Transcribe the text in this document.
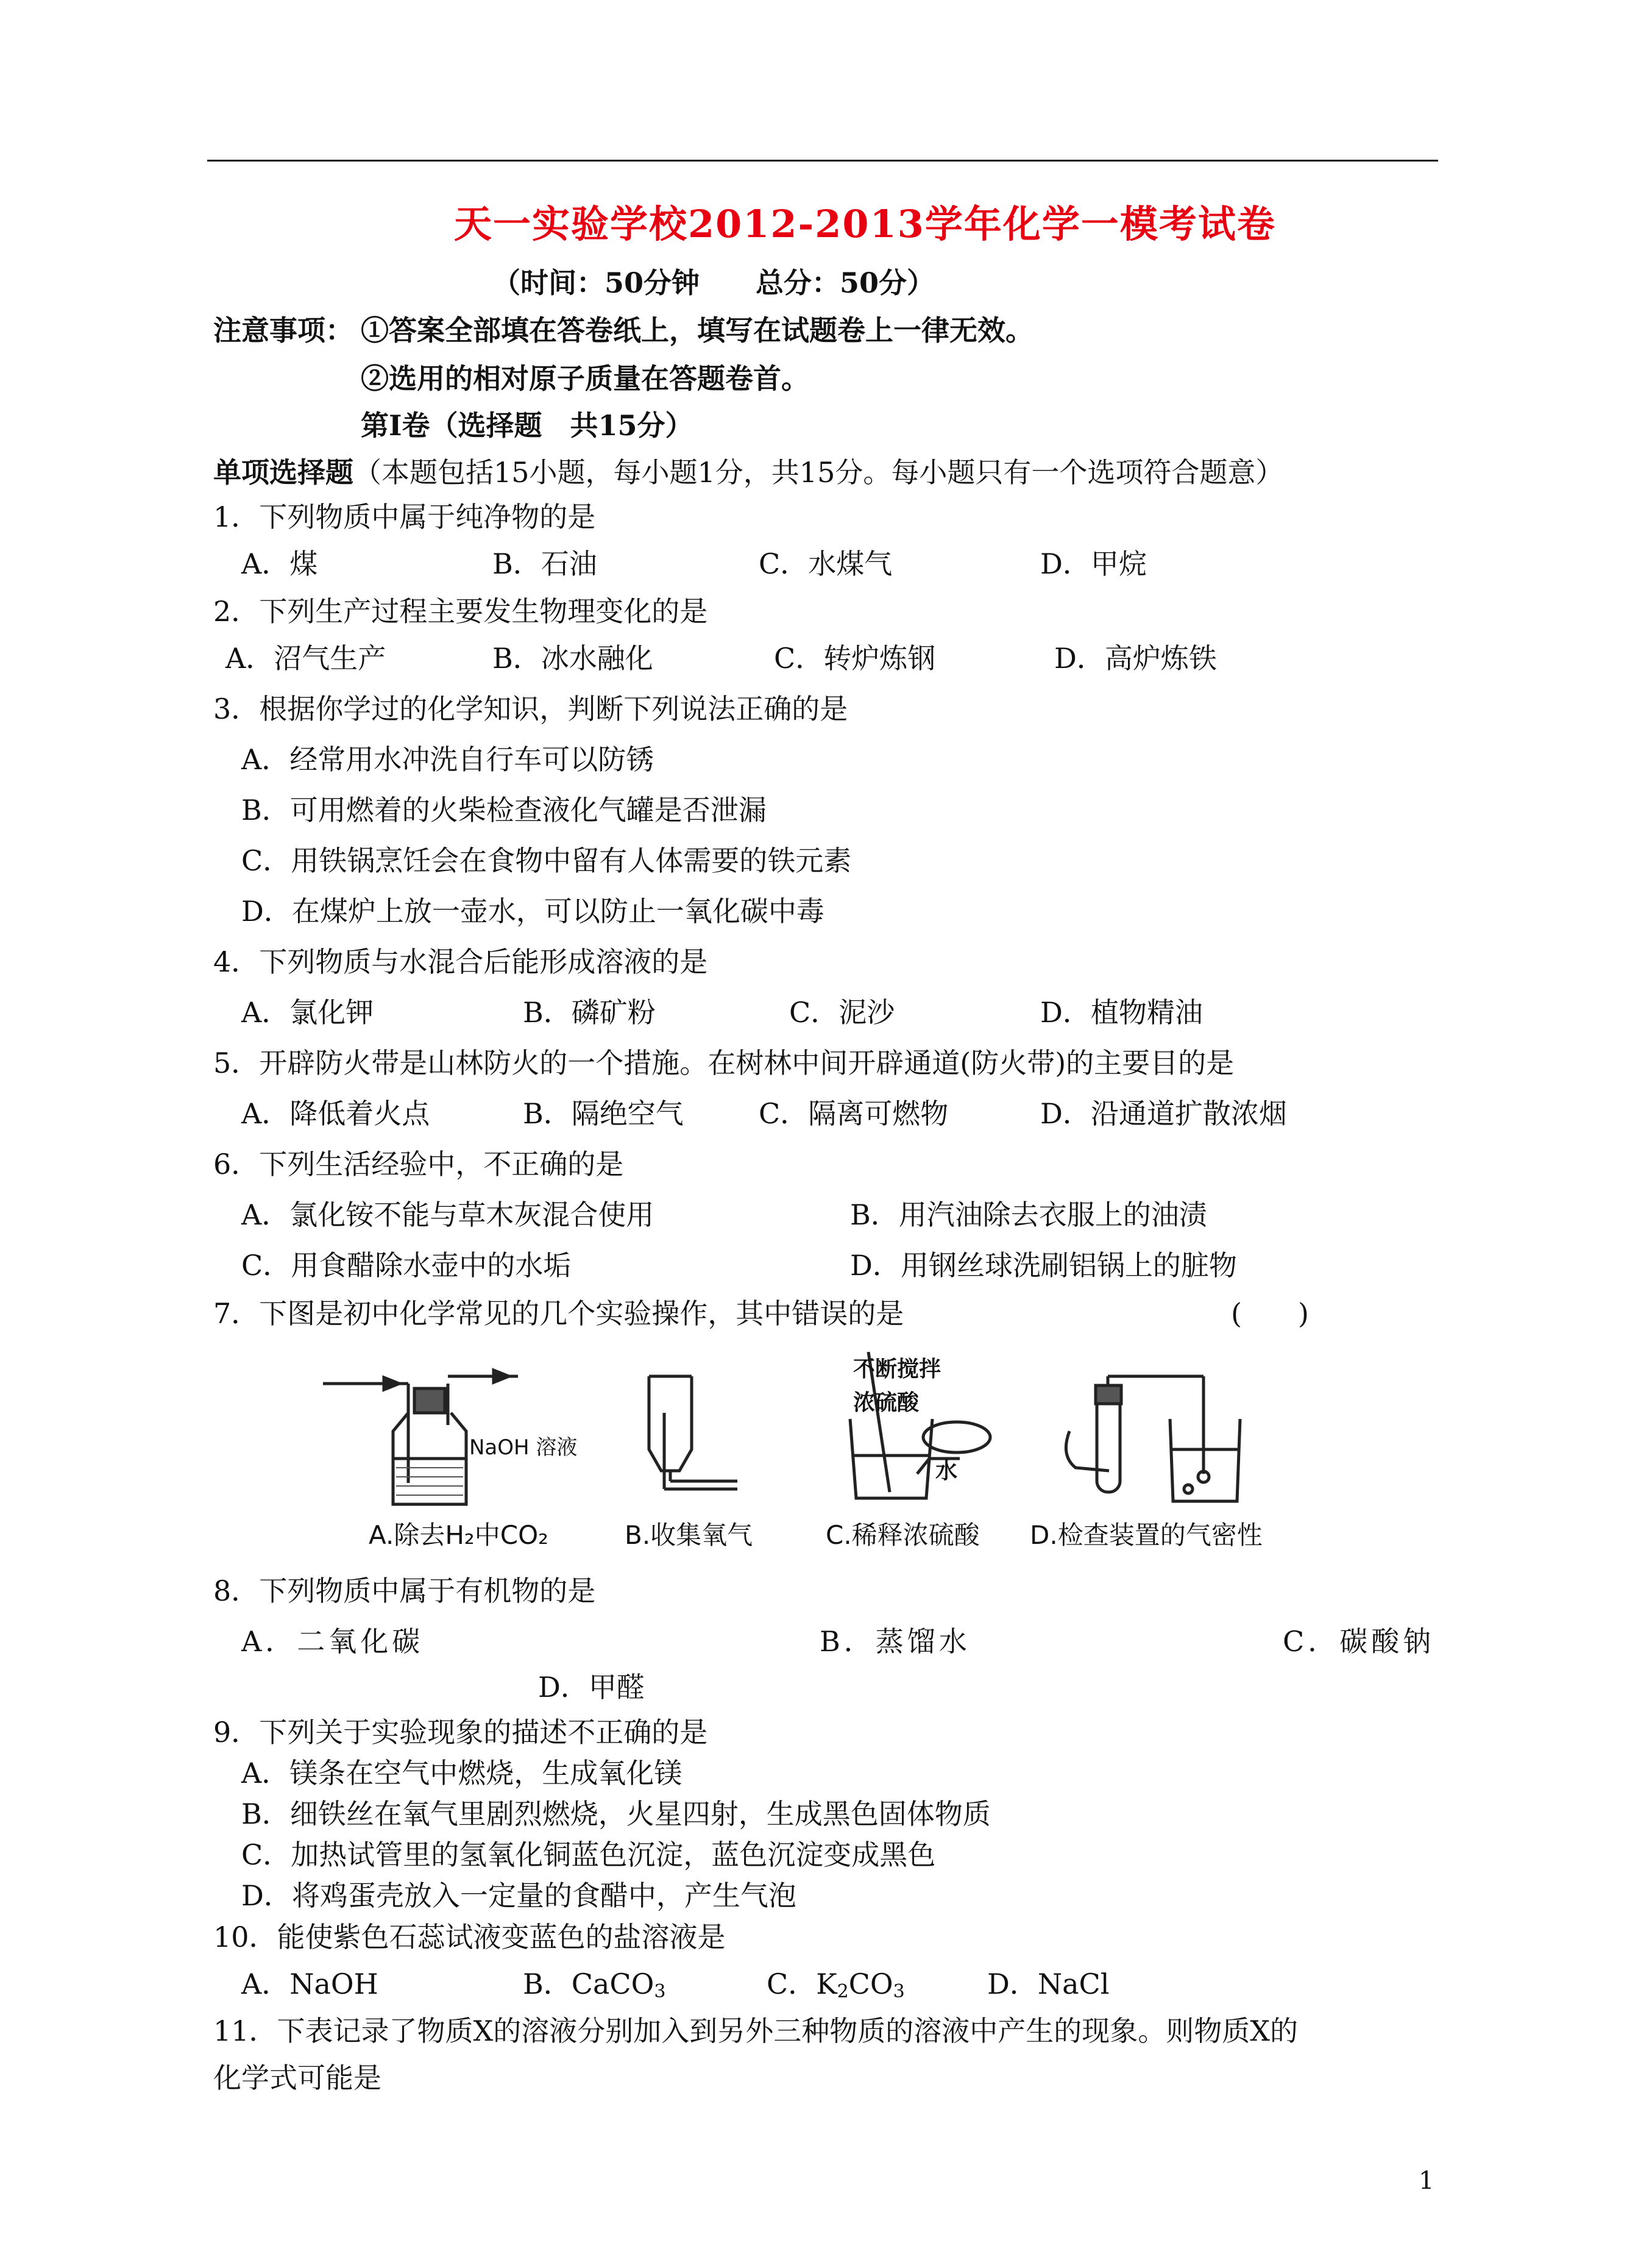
天一实验学校2012-2013学年化学一模考试卷
（时间：50分钟　　总分：50分）
注意事项： ①答案全部填在答卷纸上，填写在试题卷上一律无效。
②选用的相对原子质量在答题卷首。
第Ⅰ卷（选择题　共15分）
单项选择题（本题包括15小题，每小题1分，共15分。每小题只有一个选项符合题意）
1．下列物质中属于纯净物的是
A．煤	B．石油	C．水煤气	D．甲烷
2．下列生产过程主要发生物理变化的是
A．沼气生产	B．冰水融化	C．转炉炼钢	D．高炉炼铁
3．根据你学过的化学知识，判断下列说法正确的是
A．经常用水冲洗自行车可以防锈
B．可用燃着的火柴检查液化气罐是否泄漏
C．用铁锅烹饪会在食物中留有人体需要的铁元素
D．在煤炉上放一壶水，可以防止一氧化碳中毒
4．下列物质与水混合后能形成溶液的是
A．氯化钾	B．磷矿粉	C．泥沙	D．植物精油
5．开辟防火带是山林防火的一个措施。在树林中间开辟通道(防火带)的主要目的是
A．降低着火点	B．隔绝空气	C．隔离可燃物	D．沿通道扩散浓烟
6．下列生活经验中，不正确的是
A．氯化铵不能与草木灰混合使用	B．用汽油除去衣服上的油渍
C．用食醋除水壶中的水垢	D．用钢丝球洗刷铝锅上的脏物
7．下图是初中化学常见的几个实验操作，其中错误的是	(　　)
NaOH 溶液
不断搅拌
浓硫酸
水
A.除去H₂中CO₂	B.收集氧气	C.稀释浓硫酸 D.检查装置的气密性
8．下列物质中属于有机物的是
A．二氧化碳	B．蒸馏水	C．碳酸钠
D．甲醛
9．下列关于实验现象的描述不正确的是
A．镁条在空气中燃烧，生成氧化镁
B．细铁丝在氧气里剧烈燃烧，火星四射，生成黑色固体物质
C．加热试管里的氢氧化铜蓝色沉淀，蓝色沉淀变成黑色
D．将鸡蛋壳放入一定量的食醋中，产生气泡
10．能使紫色石蕊试液变蓝色的盐溶液是
A．NaOH	B．CaCO$_3$	C．$K_2CO_3$	D．NaCl
11．下表记录了物质X的溶液分别加入到另外三种物质的溶液中产生的现象。则物质X的
化学式可能是
1
